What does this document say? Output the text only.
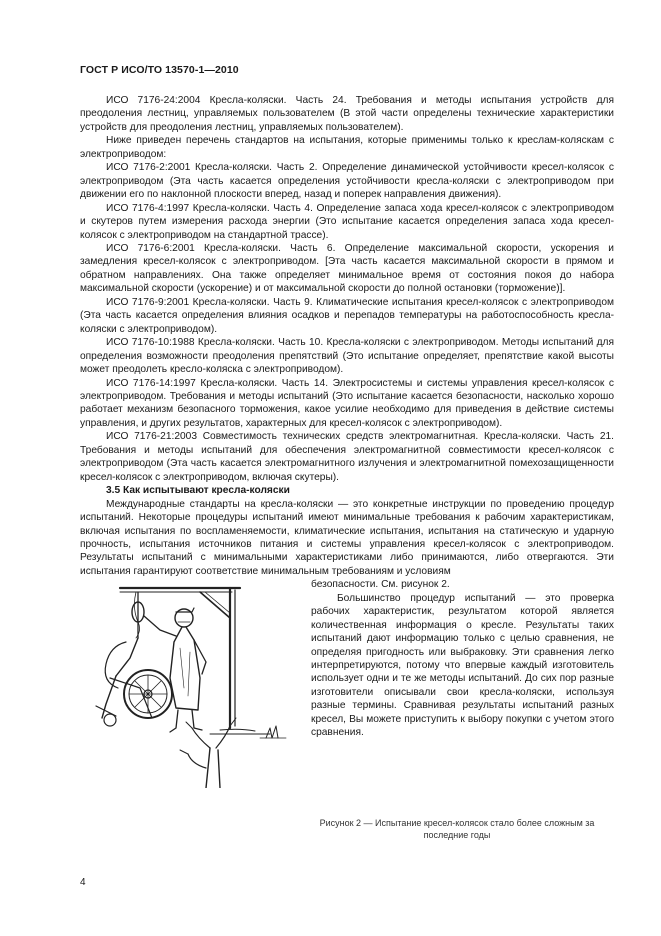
ГОСТ Р ИСО/ТО 13570-1—2010

ИСО 7176-24:2004 Кресла-коляски. Часть 24. Требования и методы испытания устройств для преодоления лестниц, управляемых пользователем (В этой части определены технические характеристики устройств для преодоления лестниц, управляемых пользователем).

Ниже приведен перечень стандартов на испытания, которые применимы только к креслам-коляскам с электроприводом:

ИСО 7176-2:2001 Кресла-коляски. Часть 2. Определение динамической устойчивости кресел-колясок с электроприводом (Эта часть касается определения устойчивости кресла-коляски с электроприводом при движении его по наклонной плоскости вперед, назад и поперек направления движения).

ИСО 7176-4:1997 Кресла-коляски. Часть 4. Определение запаса хода кресел-колясок с электроприводом и скутеров путем измерения расхода энергии (Это испытание касается определения запаса хода кресел-колясок с электроприводом на стандартной трассе).

ИСО 7176-6:2001 Кресла-коляски. Часть 6. Определение максимальной скорости, ускорения и замедления кресел-колясок с электроприводом. [Эта часть касается максимальной скорости в прямом и обратном направлениях. Она также определяет минимальное время от состояния покоя до набора максимальной скорости (ускорение) и от максимальной скорости до полной остановки (торможение)].

ИСО 7176-9:2001 Кресла-коляски. Часть 9. Климатические испытания кресел-колясок с электроприводом (Эта часть касается определения влияния осадков и перепадов температуры на работоспособность кресла-коляски с электроприводом).

ИСО 7176-10:1988 Кресла-коляски. Часть 10. Кресла-коляски с электроприводом. Методы испытаний для определения возможности преодоления препятствий (Это испытание определяет, препятствие какой высоты может преодолеть кресло-коляска с электроприводом).

ИСО 7176-14:1997 Кресла-коляски. Часть 14. Электросистемы и системы управления кресел-колясок с электроприводом. Требования и методы испытаний (Это испытание касается безопасности, насколько хорошо работает механизм безопасного торможения, какое усилие необходимо для приведения в действие системы управления, и других результатов, характерных для кресел-колясок с электроприводом).

ИСО 7176-21:2003 Совместимость технических средств электромагнитная. Кресла-коляски. Часть 21. Требования и методы испытаний для обеспечения электромагнитной совместимости кресел-колясок с электроприводом (Эта часть касается электромагнитного излучения и электромагнитной помехозащищенности кресел-колясок с электроприводом, включая скутеры).

3.5 Как испытывают кресла-коляски

Международные стандарты на кресла-коляски — это конкретные инструкции по проведению процедур испытаний. Некоторые процедуры испытаний имеют минимальные требования к рабочим характеристикам, включая испытания по воспламеняемости, климатические испытания, испытания на статическую и ударную прочность, испытания источников питания и системы управления кресел-колясок с электроприводом. Результаты испытаний с минимальными характеристиками либо принимаются, либо отвергаются. Эти испытания гарантируют соответствие минимальным требованиям и условиям

безопасности. См. рисунок 2.

Большинство процедур испытаний — это проверка рабочих характеристик, результатом которой является количественная информация о кресле. Результаты таких испытаний дают информацию только с целью сравнения, не определяя пригодность или выбраковку. Эти сравнения легко интерпретируются, потому что впервые каждый изготовитель использует одни и те же методы испытаний. До сих пор разные изготовители описывали свои кресла-коляски, используя разные термины. Сравнивая результаты испытаний разных кресел, Вы можете приступить к выбору покупки с учетом этого сравнения.

Рисунок 2 — Испытание кресел-колясок стало более сложным за последние годы
4
